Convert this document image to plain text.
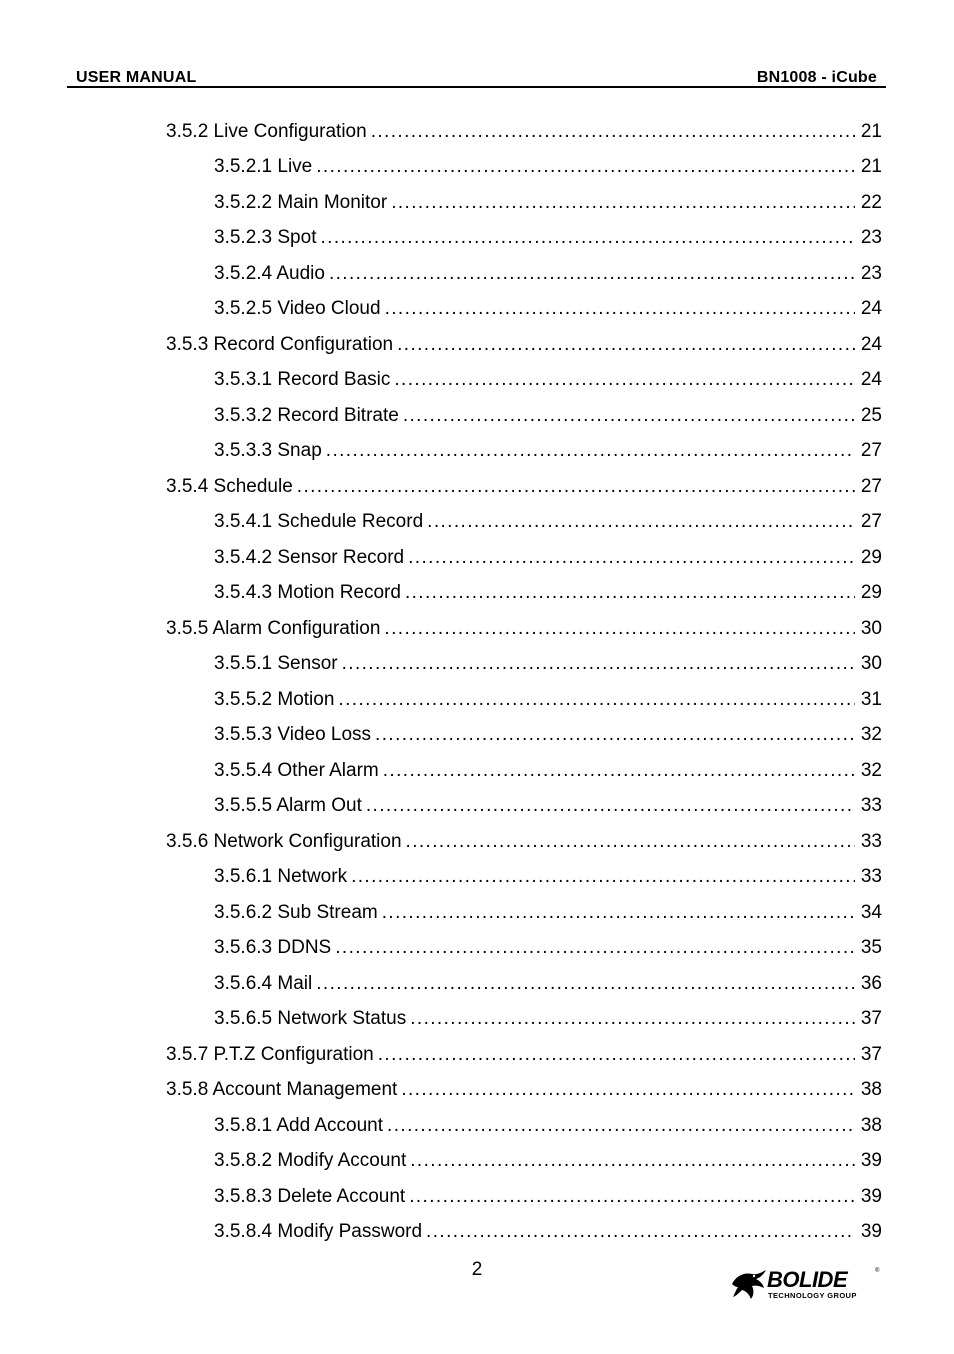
USER MANUAL	BN1008 - iCube
3.5.2 Live Configuration .....	21
3.5.2.1 Live .....	21
3.5.2.2 Main Monitor .....	22
3.5.2.3 Spot .....	23
3.5.2.4 Audio .....	23
3.5.2.5 Video Cloud .....	24
3.5.3 Record Configuration .....	24
3.5.3.1 Record Basic .....	24
3.5.3.2 Record Bitrate .....	25
3.5.3.3 Snap .....	27
3.5.4 Schedule .....	27
3.5.4.1 Schedule Record .....	27
3.5.4.2 Sensor Record .....	29
3.5.4.3 Motion Record .....	29
3.5.5 Alarm Configuration .....	30
3.5.5.1 Sensor .....	30
3.5.5.2 Motion .....	31
3.5.5.3 Video Loss .....	32
3.5.5.4 Other Alarm .....	32
3.5.5.5 Alarm Out .....	33
3.5.6 Network Configuration .....	33
3.5.6.1 Network .....	33
3.5.6.2 Sub Stream .....	34
3.5.6.3 DDNS .....	35
3.5.6.4 Mail .....	36
3.5.6.5 Network Status .....	37
3.5.7 P.T.Z Configuration .....	37
3.5.8 Account Management .....	38
3.5.8.1 Add Account .....	38
3.5.8.2 Modify Account .....	39
3.5.8.3 Delete Account .....	39
3.5.8.4 Modify Password .....	39
2	BOLIDE	®
TECHNOLOGY GROUP
